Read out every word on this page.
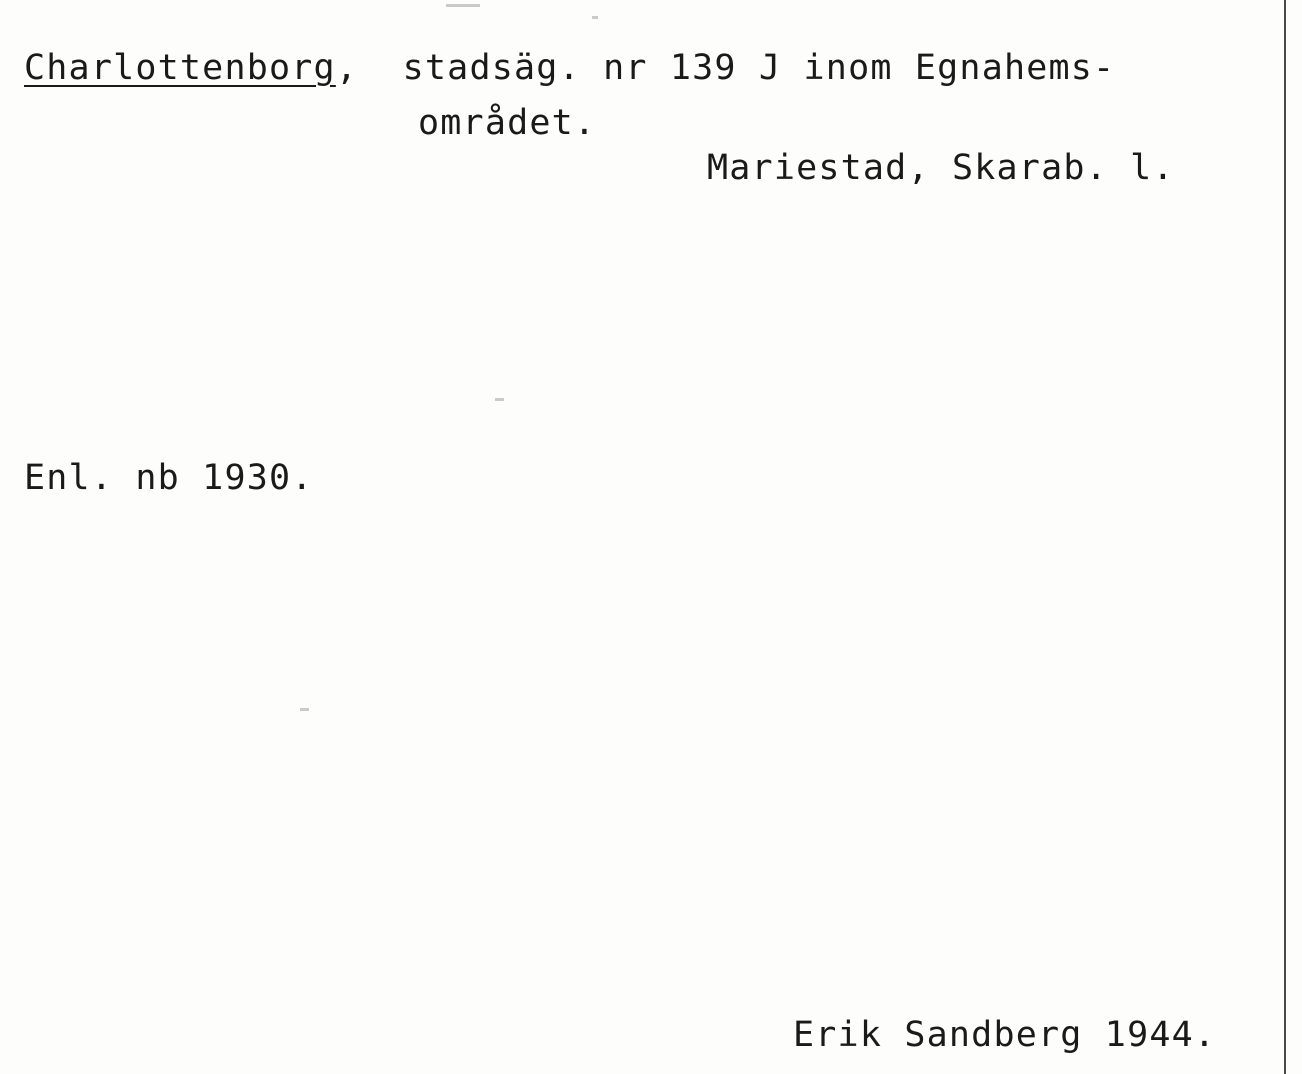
Charlottenborg,  stadsäg. nr 139 J inom Egnahems-
området.
Mariestad, Skarab. l.
Enl. nb 1930.
Erik Sandberg 1944.
